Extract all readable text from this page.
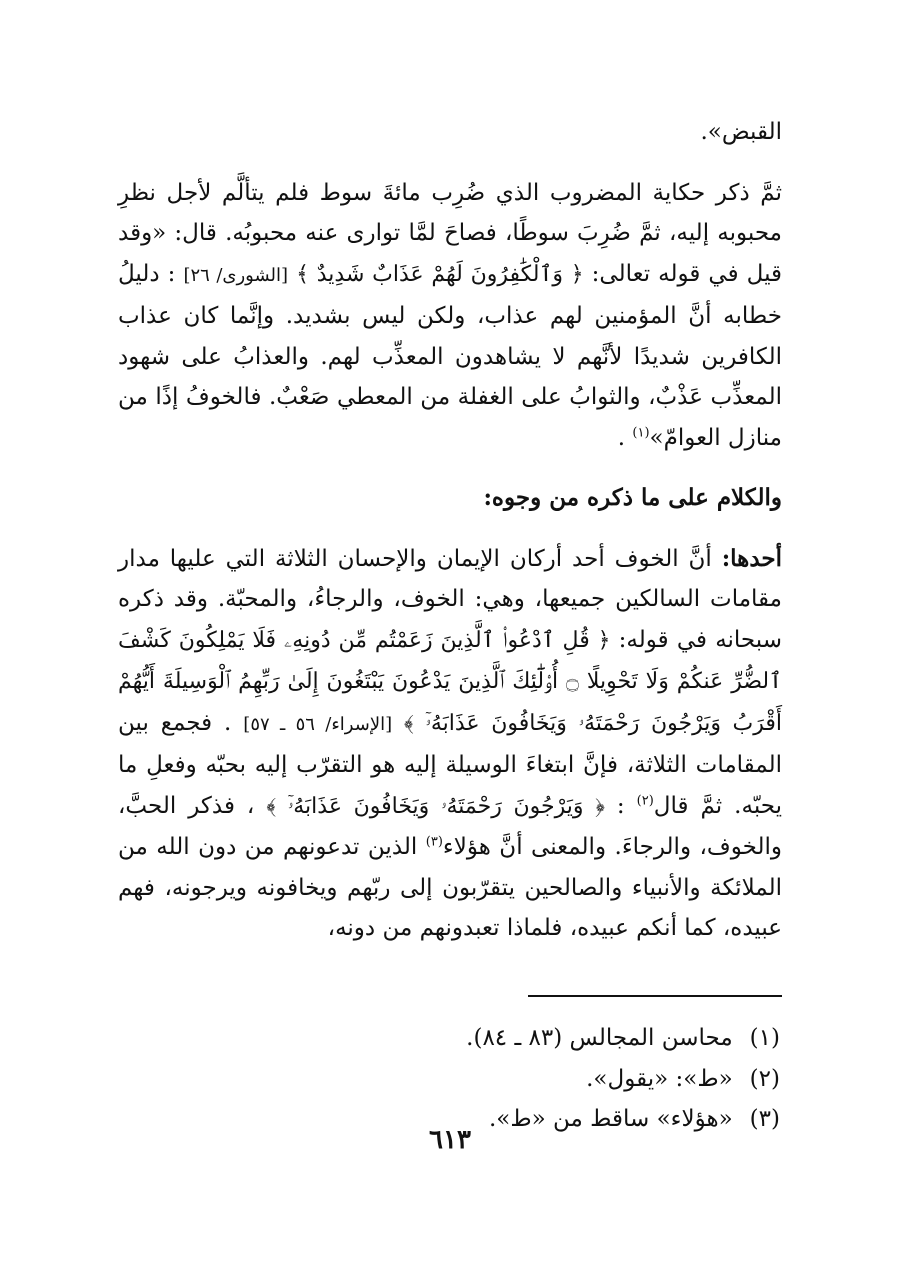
القبض».

ثمَّ ذكر حكاية المضروب الذي ضُرِب مائةَ سوط فلم يتألَّم لأجل نظرِ محبوبه إليه، ثمَّ ضُرِبَ سوطًا، فصاحَ لمَّا توارى عنه محبوبُه. قال: «وقد قيل في قوله تعالى: ﴿ وَٱلْكَٰفِرُونَ لَهُمْ عَذَابٌ شَدِيدٌ ﴾ [الشورى/ ٢٦] : دليلُ خطابه أنَّ المؤمنين لهم عذاب، ولكن ليس بشديد. وإنَّما كان عذاب الكافرين شديدًا لأنَّهم لا يشاهدون المعذِّب لهم. والعذابُ على شهود المعذِّب عَذْبٌ، والثوابُ على الغفلة من المعطي صَعْبٌ. فالخوفُ إذًا من منازل العوامّ»$^{(١)}$ .

والكلام على ما ذكره من وجوه:

أحدها: أنَّ الخوف أحد أركان الإيمان والإحسان الثلاثة التي عليها مدار مقامات السالكين جميعها، وهي: الخوف، والرجاءُ، والمحبّة. وقد ذكره سبحانه في قوله: ﴿ قُلِ ٱدْعُوا۟ ٱلَّذِينَ زَعَمْتُم مِّن دُونِهِۦ فَلَا يَمْلِكُونَ كَشْفَ ٱلضُّرِّ عَنكُمْ وَلَا تَحْوِيلًا ۝ أُو۟لَٰٓئِكَ ٱلَّذِينَ يَدْعُونَ يَبْتَغُونَ إِلَىٰ رَبِّهِمُ ٱلْوَسِيلَةَ أَيُّهُمْ أَقْرَبُ وَيَرْجُونَ رَحْمَتَهُۥ وَيَخَافُونَ عَذَابَهُۥٓ ﴾ [الإسراء/ ٥٦ ـ ٥٧] . فجمع بين المقامات الثلاثة، فإنَّ ابتغاءَ الوسيلة إليه هو التقرّب إليه بحبّه وفعلِ ما يحبّه. ثمَّ قال$^{(٢)}$ : ﴿ وَيَرْجُونَ رَحْمَتَهُۥ وَيَخَافُونَ عَذَابَهُۥٓ ﴾ ، فذكر الحبَّ، والخوف، والرجاءَ. والمعنى أنَّ هؤلاء$^{(٣)}$ الذين تدعونهم من دون الله من الملائكة والأنبياء والصالحين يتقرّبون إلى ربّهم ويخافونه ويرجونه، فهم عبيده، كما أنكم عبيده، فلماذا تعبدونهم من دونه،

(١) محاسن المجالس (٨٣ ـ ٨٤).

(٢) «ط»: «يقول».

(٣) «هؤلاء» ساقط من «ط».

٦١٣
